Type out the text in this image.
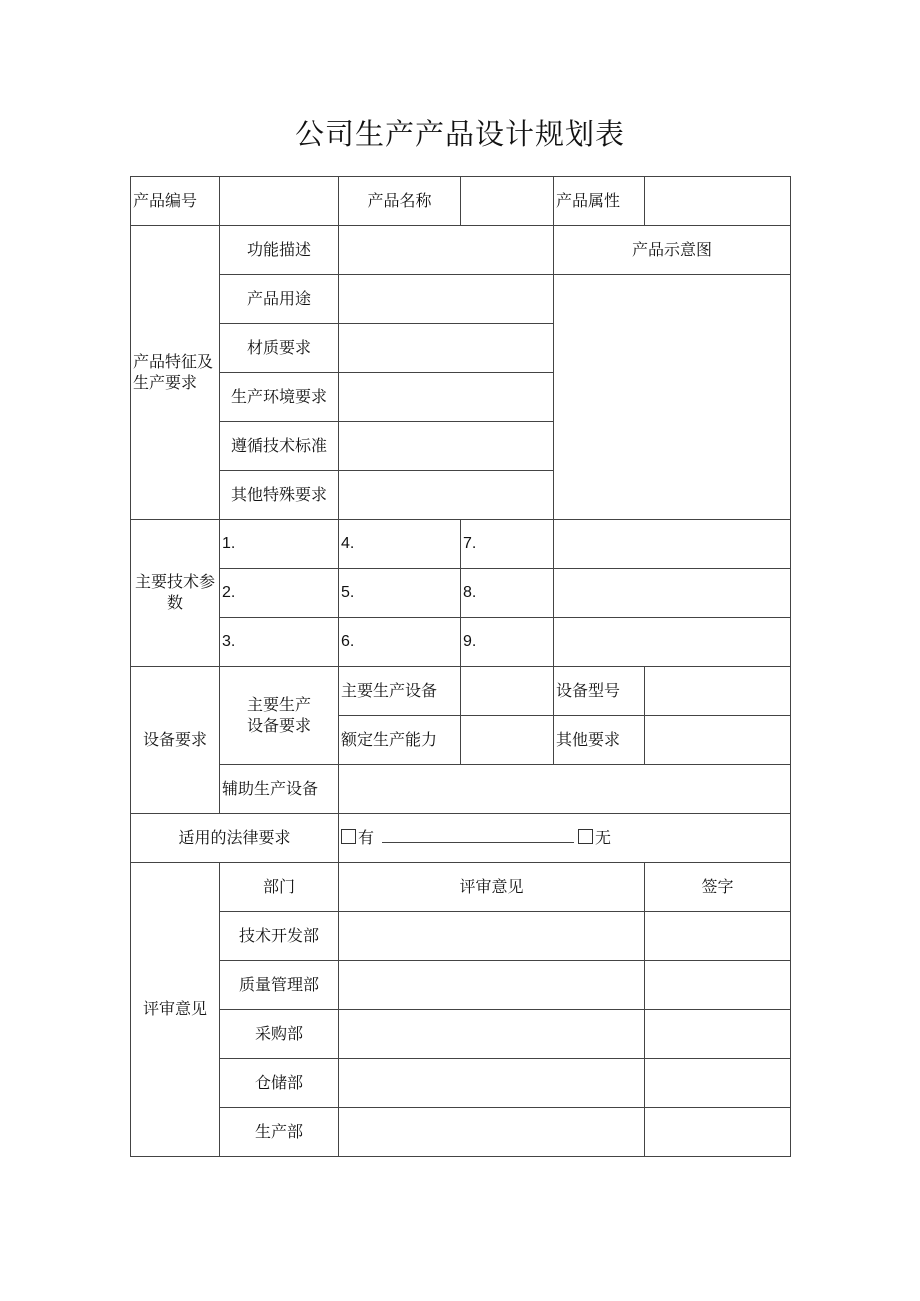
公司生产产品设计规划表
产品编号		产品名称		产品属性	
产品特征及生产要求	功能描述			产品示意图	
	产品用途				
	材质要求				
	生产环境要求				
	遵循技术标准				
	其他特殊要求				
主要技术参数	1.	4.	7.		
	2.	5.	8.		
	3.	6.	9.		
设备要求	主要生产设备要求	主要生产设备		设备型号	
		额定生产能力		其他要求	
	辅助生产设备				
适用的法律要求		有 无			
评审意见	部门	评审意见			签字
	技术开发部				
	质量管理部				
	采购部				
	仓储部				
	生产部				
